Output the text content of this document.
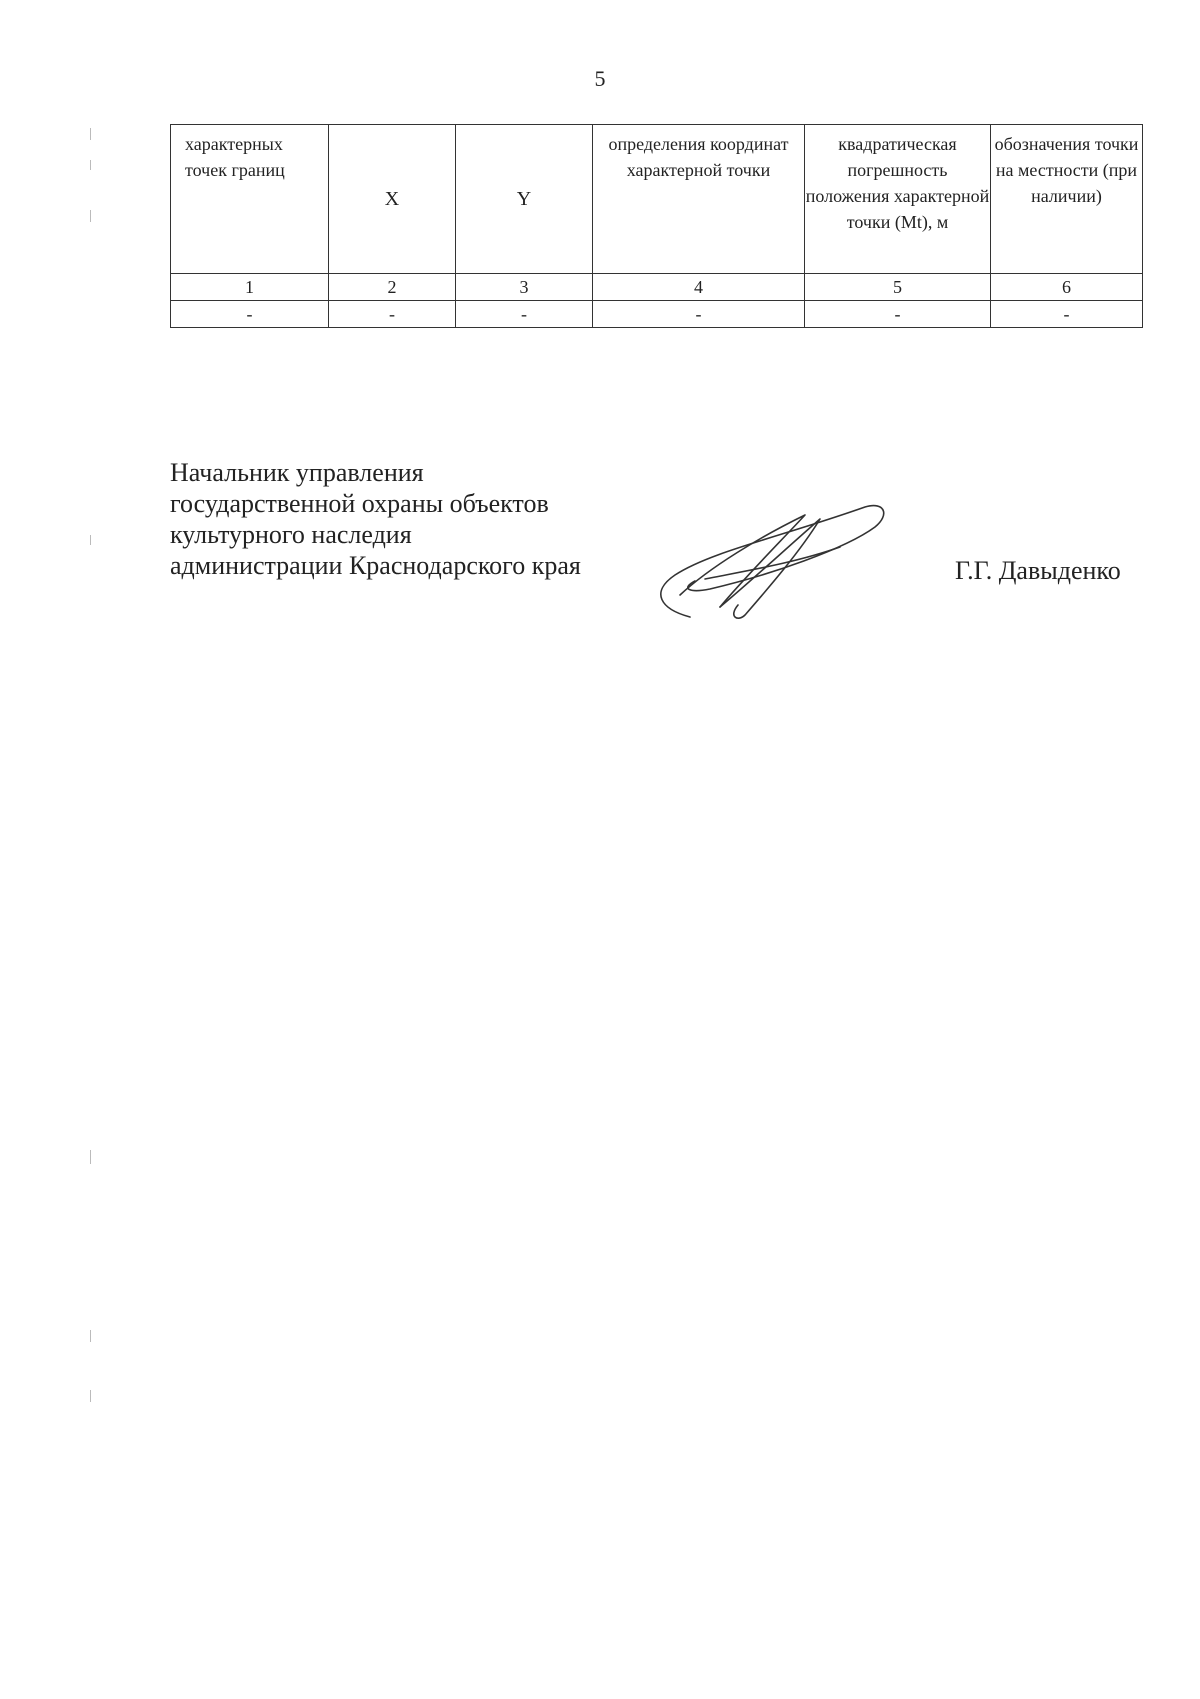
5
характерных точек границ	X	Y	определения координат характерной точки	квадратическая погрешность положения характерной точки (Mt), м	обозначения точки на местности (при наличии)
1	2	3	4	5	6
-	-	-	-	-	-
Начальник управления
государственной охраны объектов
культурного наследия
администрации Краснодарского края	Г.Г. Давыденко
